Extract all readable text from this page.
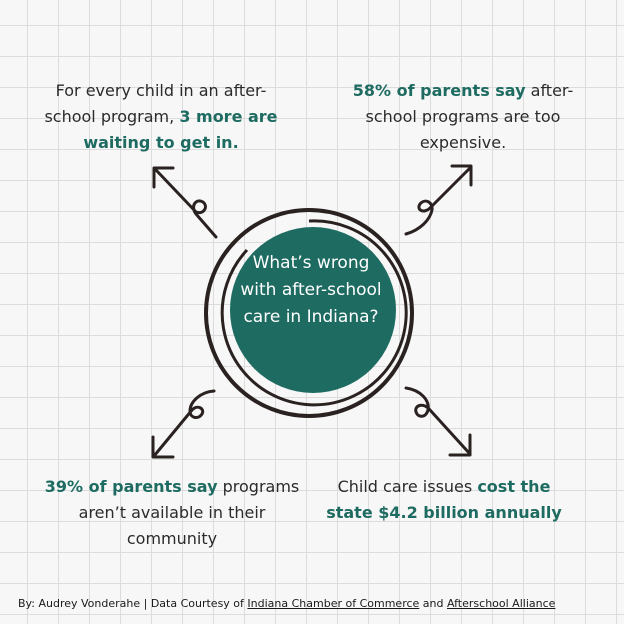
What’s wrong with after-school care in Indiana?
For every child in an after-school program, 3 more are waiting to get in.
58% of parents say after-school programs are too expensive.
39% of parents say programs aren’t available in their community
Child care issues cost the state $4.2 billion annually
By: Audrey Vonderahe | Data Courtesy of Indiana Chamber of Commerce and Afterschool Alliance
